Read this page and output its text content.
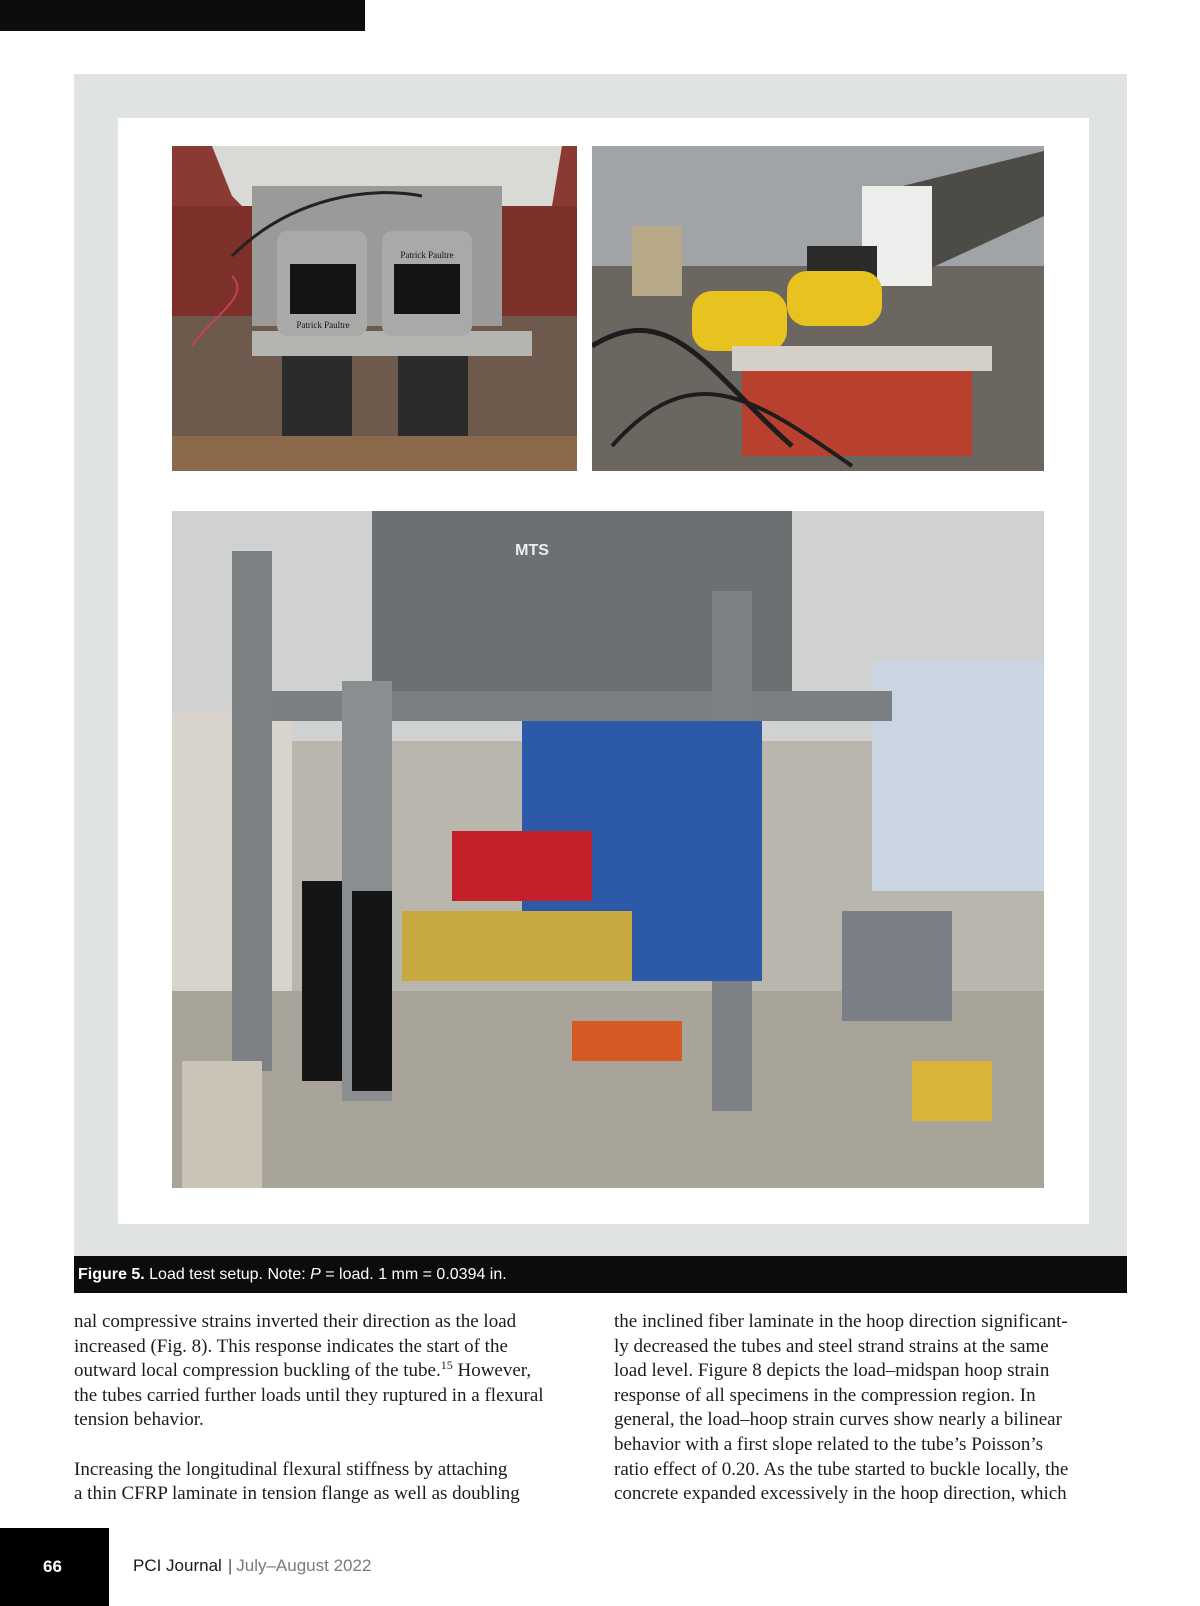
Patrick Paultre
Patrick Paultre
MTS
Figure 5. Load test setup. Note: P = load. 1 mm = 0.0394 in.

nal compressive strains inverted their direction as the load
increased (Fig. 8). This response indicates the start of the
outward local compression buckling of the tube.$^{15}$ However,
the tubes carried further loads until they ruptured in a flexural
tension behavior.

Increasing the longitudinal flexural stiffness by attaching
a thin CFRP laminate in tension flange as well as doubling

the inclined fiber laminate in the hoop direction significant-
ly decreased the tubes and steel strand strains at the same
load level. Figure 8 depicts the load–midspan hoop strain
response of all specimens in the compression region. In
general, the load–hoop strain curves show nearly a bilinear
behavior with a first slope related to the tube’s Poisson’s
ratio effect of 0.20. As the tube started to buckle locally, the
concrete expanded excessively in the hoop direction, which

66	PCI Journal | July–August 2022
